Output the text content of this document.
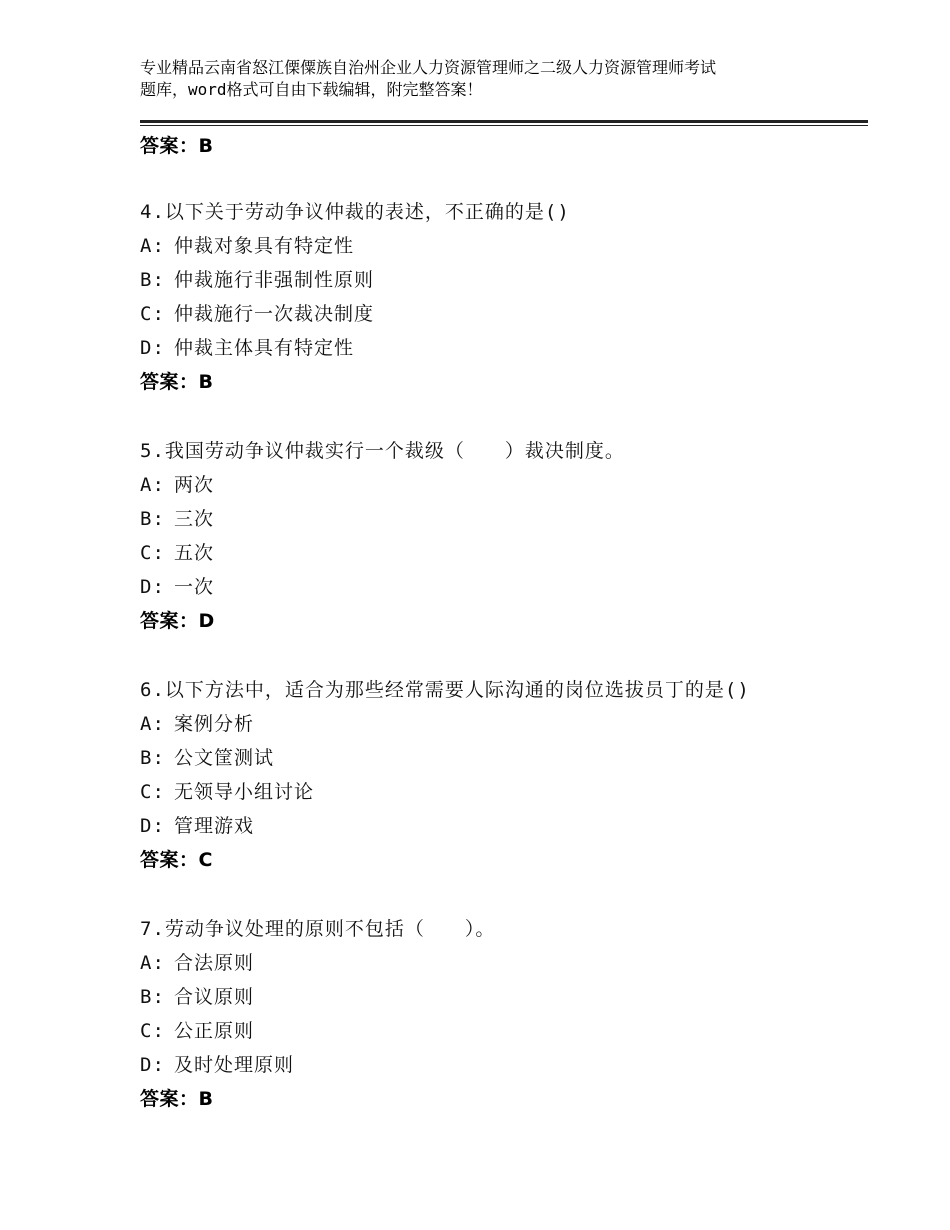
专业精品云南省怒江傈僳族自治州企业人力资源管理师之二级人力资源管理师考试
题库，word格式可自由下载编辑，附完整答案！
答案：B
4.以下关于劳动争议仲裁的表述，不正确的是()
A: 仲裁对象具有特定性
B: 仲裁施行非强制性原则
C: 仲裁施行一次裁决制度
D: 仲裁主体具有特定性
答案：B
5.我国劳动争议仲裁实行一个裁级（　　）裁决制度。
A: 两次
B: 三次
C: 五次
D: 一次
答案：D
6.以下方法中，适合为那些经常需要人际沟通的岗位选拔员丁的是()
A: 案例分析
B: 公文筐测试
C: 无领导小组讨论
D: 管理游戏
答案：C
7.劳动争议处理的原则不包括（　　）。
A: 合法原则
B: 合议原则
C: 公正原则
D: 及时处理原则
答案：B
